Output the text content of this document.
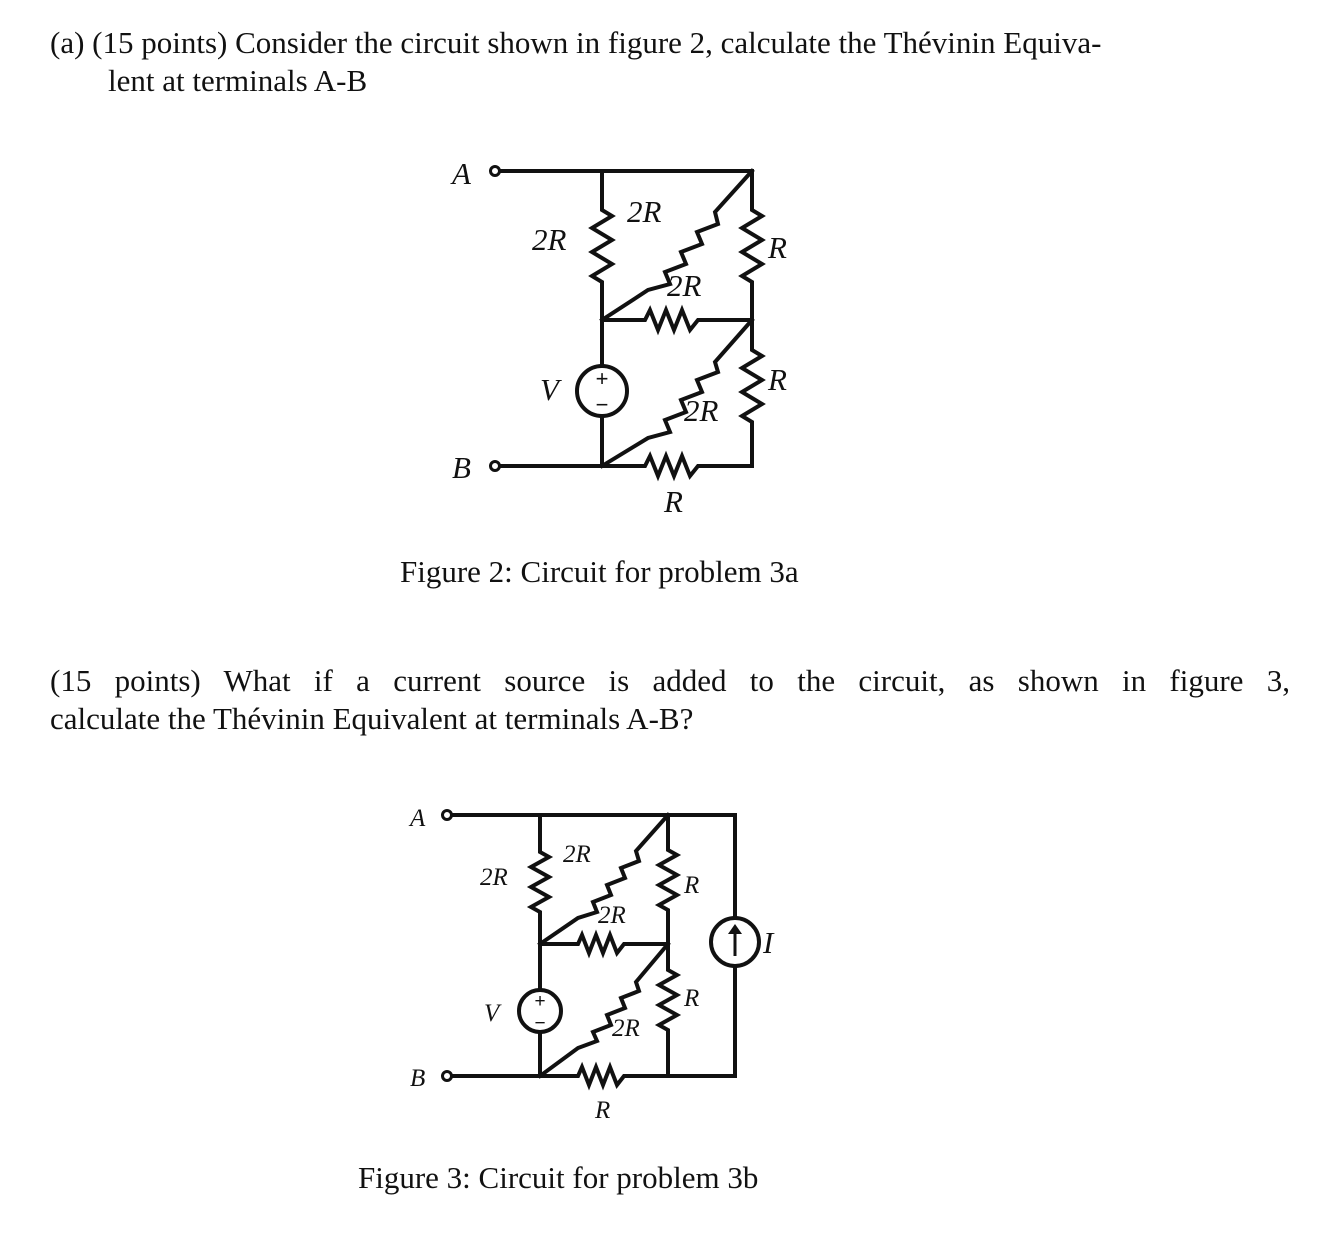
(a) (15 points) Consider the circuit shown in figure 2, calculate the Thévinin Equiva-
lent at terminals A-B
+
−
A
B
2R
2R
2R
2R
R
R
R
V
Figure 2: Circuit for problem 3a
(15 points) What if a current source is added to the circuit, as shown in figure 3,
calculate the Thévinin Equivalent at terminals A-B?
+
−
A
B
2R
2R
2R
2R
R
R
R
V
I
Figure 3: Circuit for problem 3b
